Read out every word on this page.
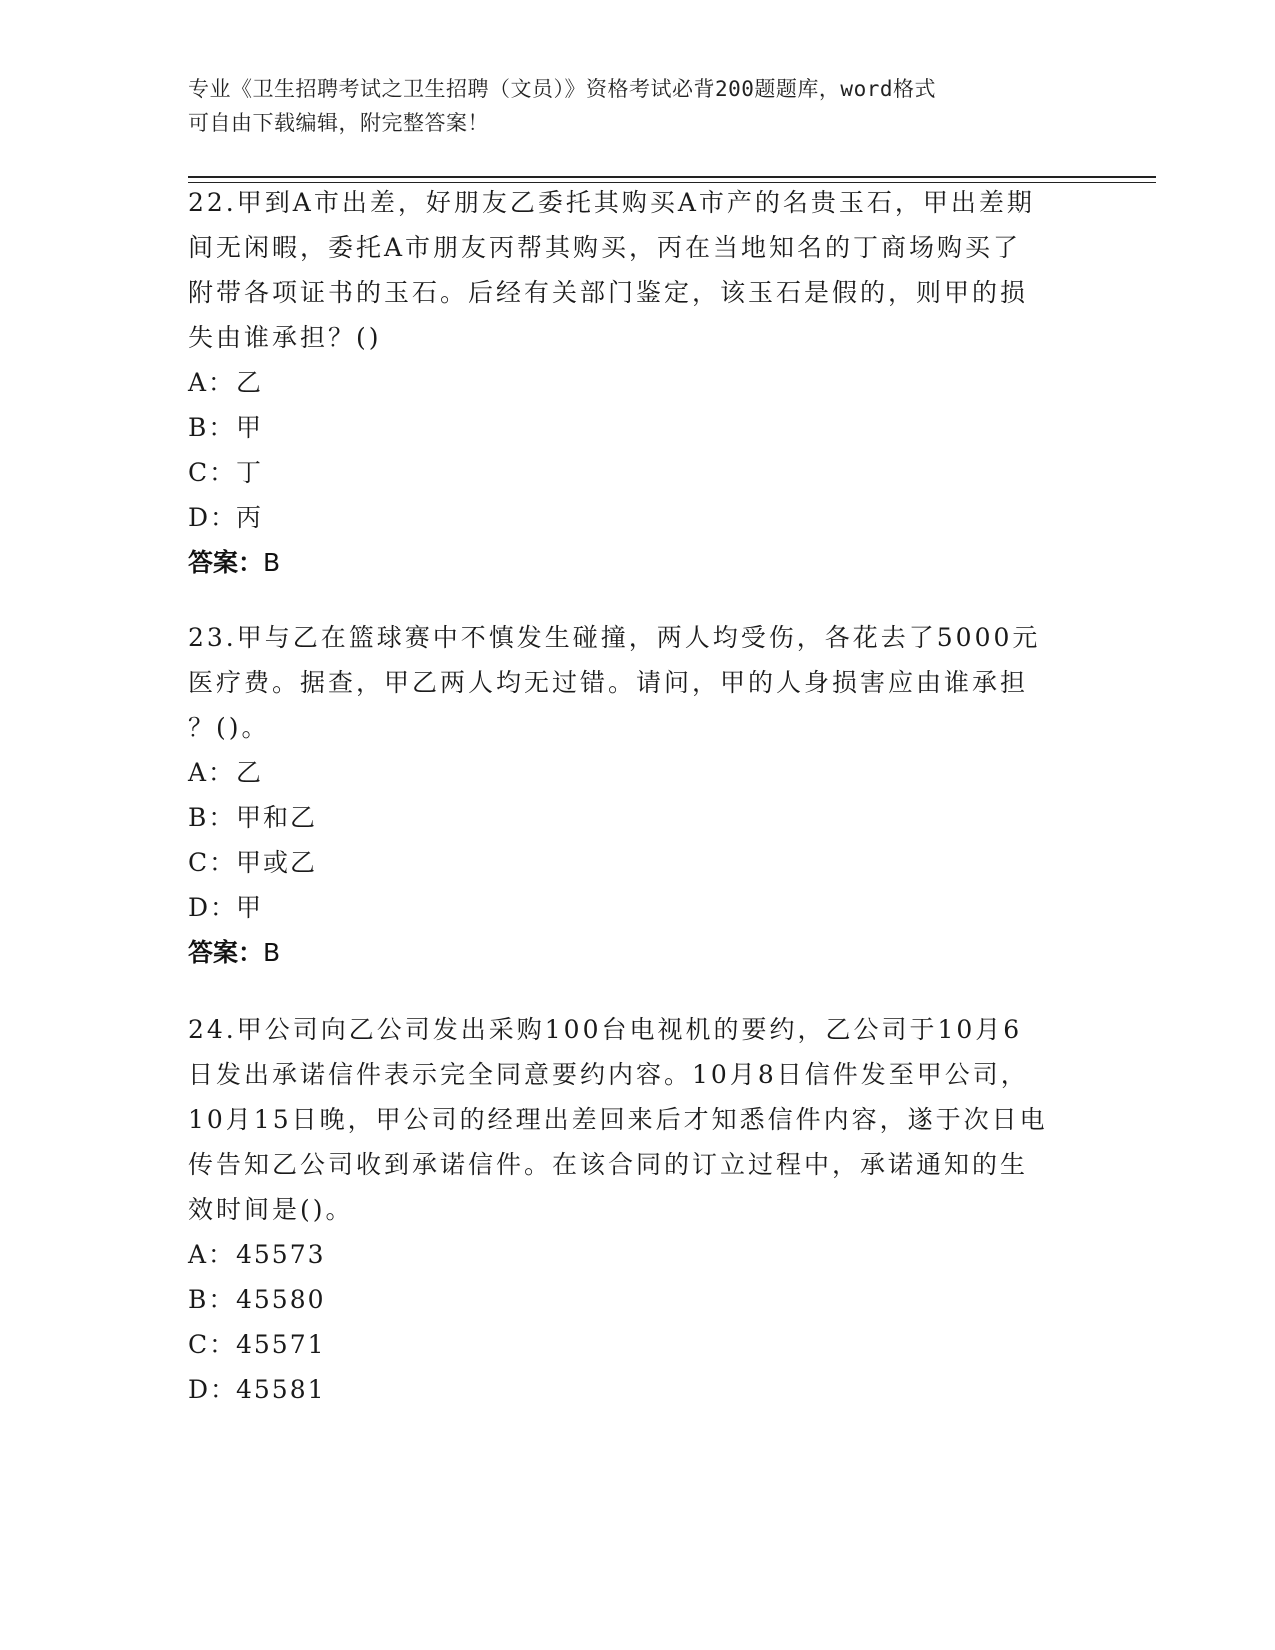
专业《卫生招聘考试之卫生招聘（文员）》资格考试必背200题题库，word格式
可自由下载编辑，附完整答案！

22.甲到A市出差，好朋友乙委托其购买A市产的名贵玉石，甲出差期
间无闲暇，委托A市朋友丙帮其购买，丙在当地知名的丁商场购买了
附带各项证书的玉石。后经有关部门鉴定，该玉石是假的，则甲的损
失由谁承担？()

A： 乙

B： 甲

C： 丁

D：
丙

答案：B

23.甲与乙在篮球赛中不慎发生碰撞，两人均受伤，各花去了5000元
医疗费。据查，甲乙两人均无过错。请问，甲的人身损害应由谁承担
？()。

A： 乙

B： 甲和乙

C： 甲或乙

D：
甲

答案：B

24.甲公司向乙公司发出采购100台电视机的要约，乙公司于10月6
日发出承诺信件表示完全同意要约内容。10月8日信件发至甲公司，
10月15日晚，甲公司的经理出差回来后才知悉信件内容，遂于次日电
传告知乙公司收到承诺信件。在该合同的订立过程中，承诺通知的生
效时间是()。

A： 45573

B： 45580

C： 45571

D：
45581
